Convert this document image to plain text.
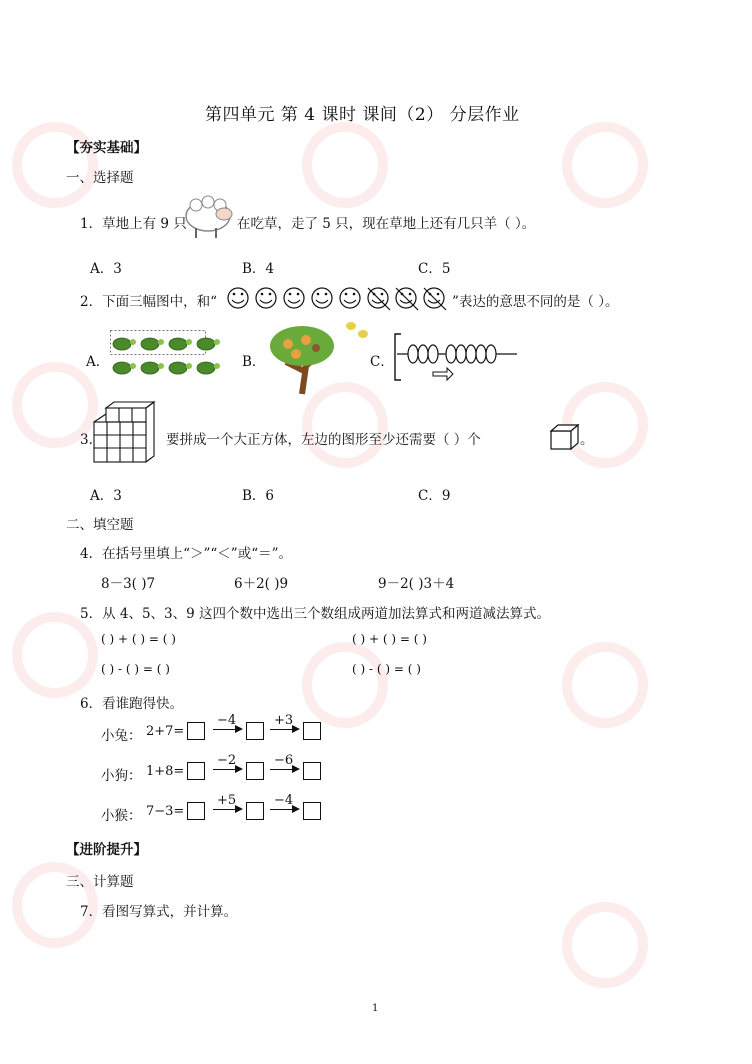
第四单元 第 4 课时 课间（2） 分层作业
【夯实基础】
一、选择题
1．草地上有 9 只	在吃草，走了 5 只，现在草地上还有几只羊（ ）。
A．3	B．4	C．5
2．下面三幅图中，和“	”表达的意思不同的是（ ）。
A．	B．	C．
3．	要拼成一个大正方体，左边的图形至少还需要（ ）个	。
A．3	B．6	C．9
二、填空题
4．在括号里填上“＞”“＜”或“＝”。
8－3( )7	6＋2( )9	9－2( )3＋4
5．从 4、5、3、9 这四个数中选出三个数组成两道加法算式和两道减法算式。
( ) + ( ) = ( )	( ) + ( ) = ( )
( ) - ( ) = ( )	( ) - ( ) = ( )
6．看谁跑得快。
小兔： 2+7=
−4	+3
小狗： 1+8=
−2	−6
小猴： 7−3=
+5	−4
【进阶提升】
三、计算题
7．看图写算式，并计算。
1
